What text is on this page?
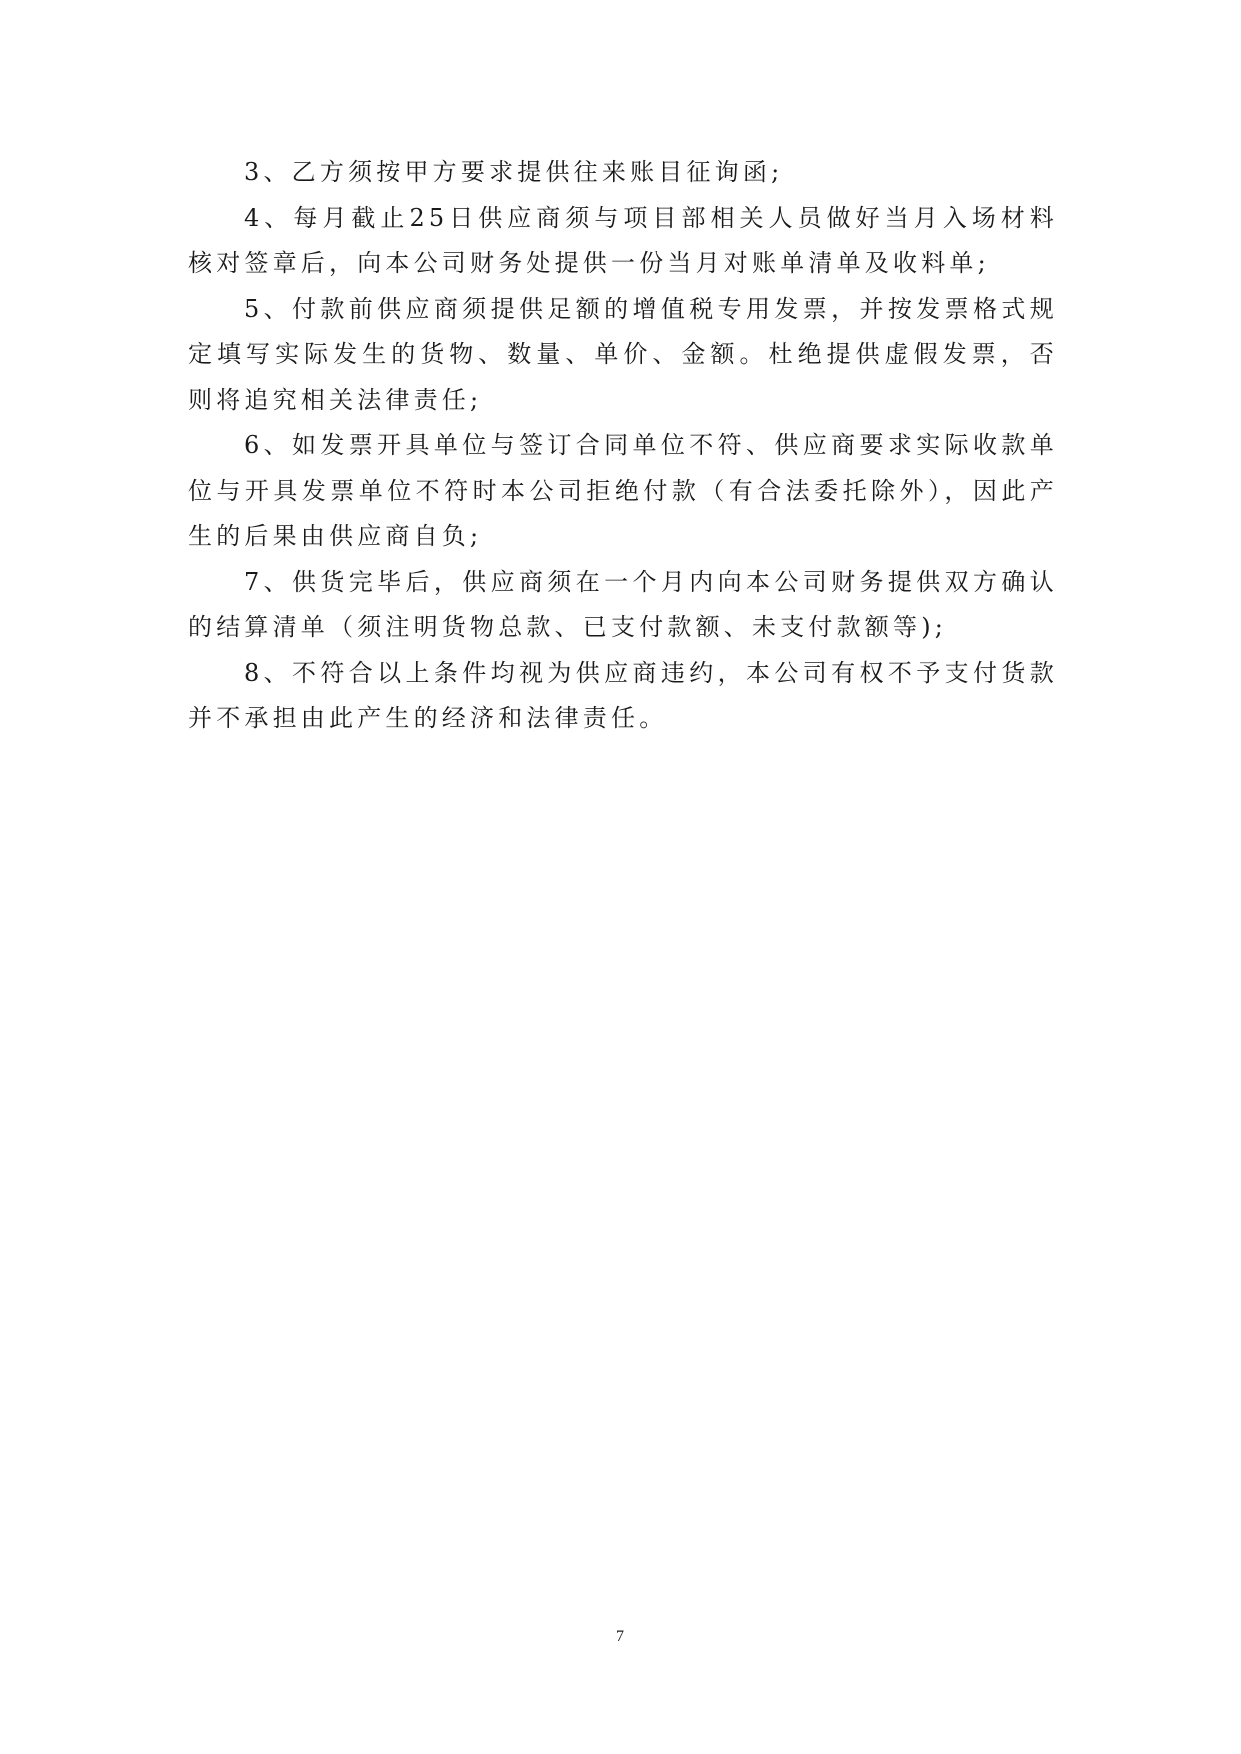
3、乙方须按甲方要求提供往来账目征询函;

4、每月截止25日供应商须与项目部相关人员做好当月入场材料核对签章后，向本公司财务处提供一份当月对账单清单及收料单;

5、付款前供应商须提供足额的增值税专用发票，并按发票格式规定填写实际发生的货物、数量、单价、金额。杜绝提供虚假发票，否则将追究相关法律责任;

6、如发票开具单位与签订合同单位不符、供应商要求实际收款单位与开具发票单位不符时本公司拒绝付款（有合法委托除外），因此产生的后果由供应商自负;

7、供货完毕后，供应商须在一个月内向本公司财务提供双方确认的结算清单（须注明货物总款、已支付款额、未支付款额等);

8、不符合以上条件均视为供应商违约，本公司有权不予支付货款并不承担由此产生的经济和法律责任。

7
